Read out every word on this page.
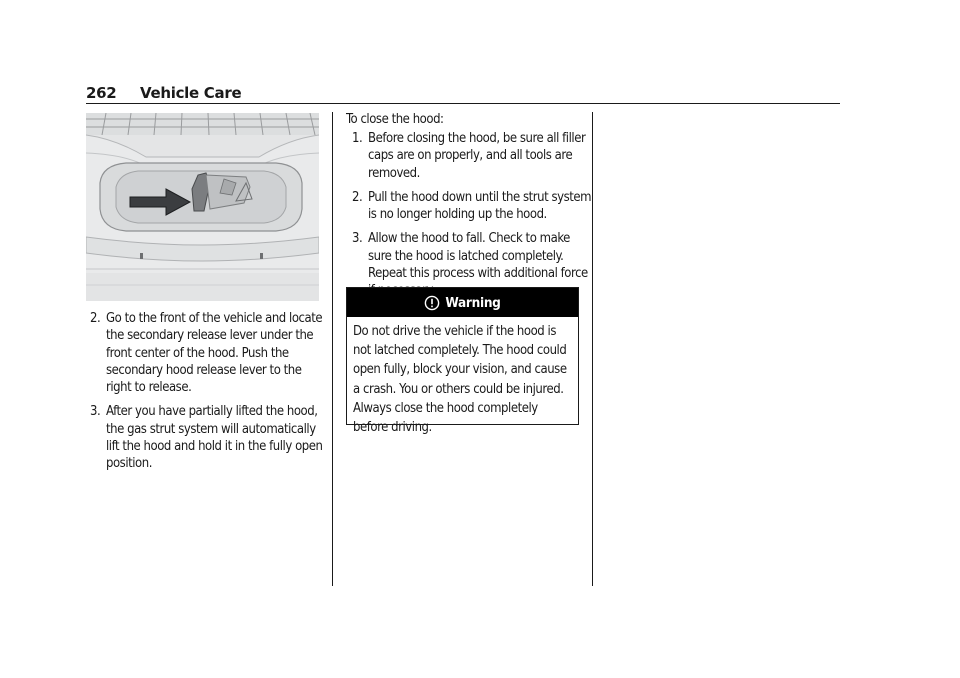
262 Vehicle Care
2. Go to the front of the vehicle and locate the secondary release lever under the front center of the hood. Push the secondary hood release lever to the right to release.
3. After you have partially lifted the hood, the gas strut system will automatically lift the hood and hold it in the fully open position.
To close the hood:
1. Before closing the hood, be sure all filler caps are on properly, and all tools are removed.
2. Pull the hood down until the strut system is no longer holding up the hood.
3. Allow the hood to fall. Check to make sure the hood is latched completely. Repeat this process with additional force
Warning
Do not drive the vehicle if the hood is not latched completely. The hood could open fully, block your vision, and cause a crash. You or others could be injured. Always close the hood completely before driving.
